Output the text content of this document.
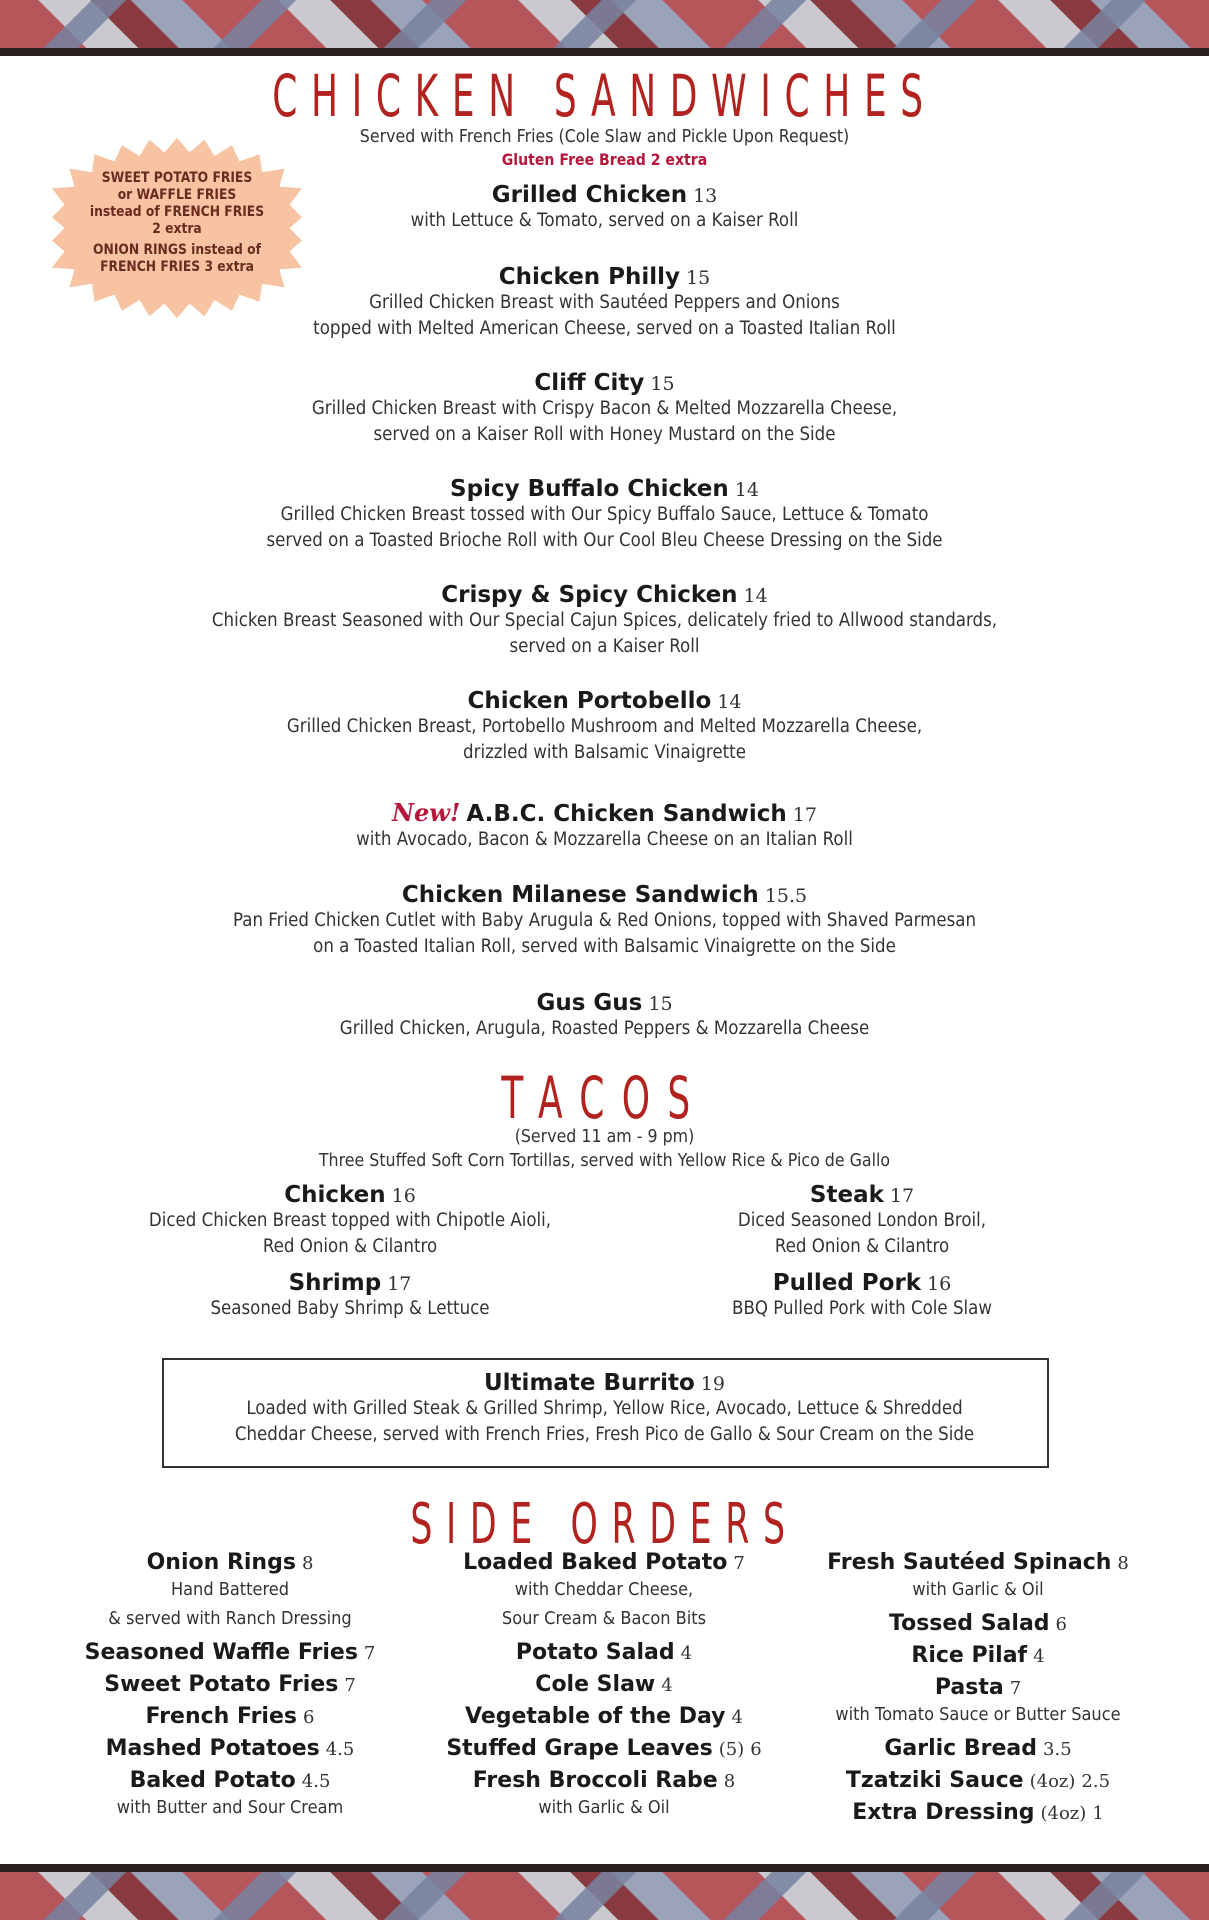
CHICKEN SANDWICHES
Served with French Fries (Cole Slaw and Pickle Upon Request)
Gluten Free Bread 2 extra

SWEET POTATO FRIES

or WAFFLE FRIES

instead of FRENCH FRIES

2 extra

ONION RINGS instead of

FRENCH FRIES 3 extra

Grilled Chicken 13
with Lettuce & Tomato, served on a Kaiser Roll
Chicken Philly 15
Grilled Chicken Breast with Sautéed Peppers and Onions
topped with Melted American Cheese, served on a Toasted Italian Roll
Cliff City 15
Grilled Chicken Breast with Crispy Bacon & Melted Mozzarella Cheese,
served on a Kaiser Roll with Honey Mustard on the Side
Spicy Buffalo Chicken 14
Grilled Chicken Breast tossed with Our Spicy Buffalo Sauce, Lettuce & Tomato
served on a Toasted Brioche Roll with Our Cool Bleu Cheese Dressing on the Side
Crispy & Spicy Chicken 14
Chicken Breast Seasoned with Our Special Cajun Spices, delicately fried to Allwood standards,
served on a Kaiser Roll
Chicken Portobello 14
Grilled Chicken Breast, Portobello Mushroom and Melted Mozzarella Cheese,
drizzled with Balsamic Vinaigrette
New! A.B.C. Chicken Sandwich 17
with Avocado, Bacon & Mozzarella Cheese on an Italian Roll
Chicken Milanese Sandwich 15.5
Pan Fried Chicken Cutlet with Baby Arugula & Red Onions, topped with Shaved Parmesan
on a Toasted Italian Roll, served with Balsamic Vinaigrette on the Side
Gus Gus 15
Grilled Chicken, Arugula, Roasted Peppers & Mozzarella Cheese
TACOS
(Served 11 am - 9 pm)
Three Stuffed Soft Corn Tortillas, served with Yellow Rice & Pico de Gallo
Chicken 16
Diced Chicken Breast topped with Chipotle Aioli,
Red Onion & Cilantro
Steak 17
Diced Seasoned London Broil,
Red Onion & Cilantro
Shrimp 17
Seasoned Baby Shrimp & Lettuce
Pulled Pork 16
BBQ Pulled Pork with Cole Slaw
Ultimate Burrito 19
Loaded with Grilled Steak & Grilled Shrimp, Yellow Rice, Avocado, Lettuce & Shredded
Cheddar Cheese, served with French Fries, Fresh Pico de Gallo & Sour Cream on the Side
SIDE ORDERS
Onion Rings 8
Hand Battered
& served with Ranch Dressing
Seasoned Waffle Fries 7
Sweet Potato Fries 7
French Fries 6
Mashed Potatoes 4.5
Baked Potato 4.5
with Butter and Sour Cream
Loaded Baked Potato 7
with Cheddar Cheese,
Sour Cream & Bacon Bits
Potato Salad 4
Cole Slaw 4
Vegetable of the Day 4
Stuffed Grape Leaves (5) 6
Fresh Broccoli Rabe 8
with Garlic & Oil
Fresh Sautéed Spinach 8
with Garlic & Oil
Tossed Salad 6
Rice Pilaf 4
Pasta 7
with Tomato Sauce or Butter Sauce
Garlic Bread 3.5
Tzatziki Sauce (4oz) 2.5
Extra Dressing (4oz) 1
